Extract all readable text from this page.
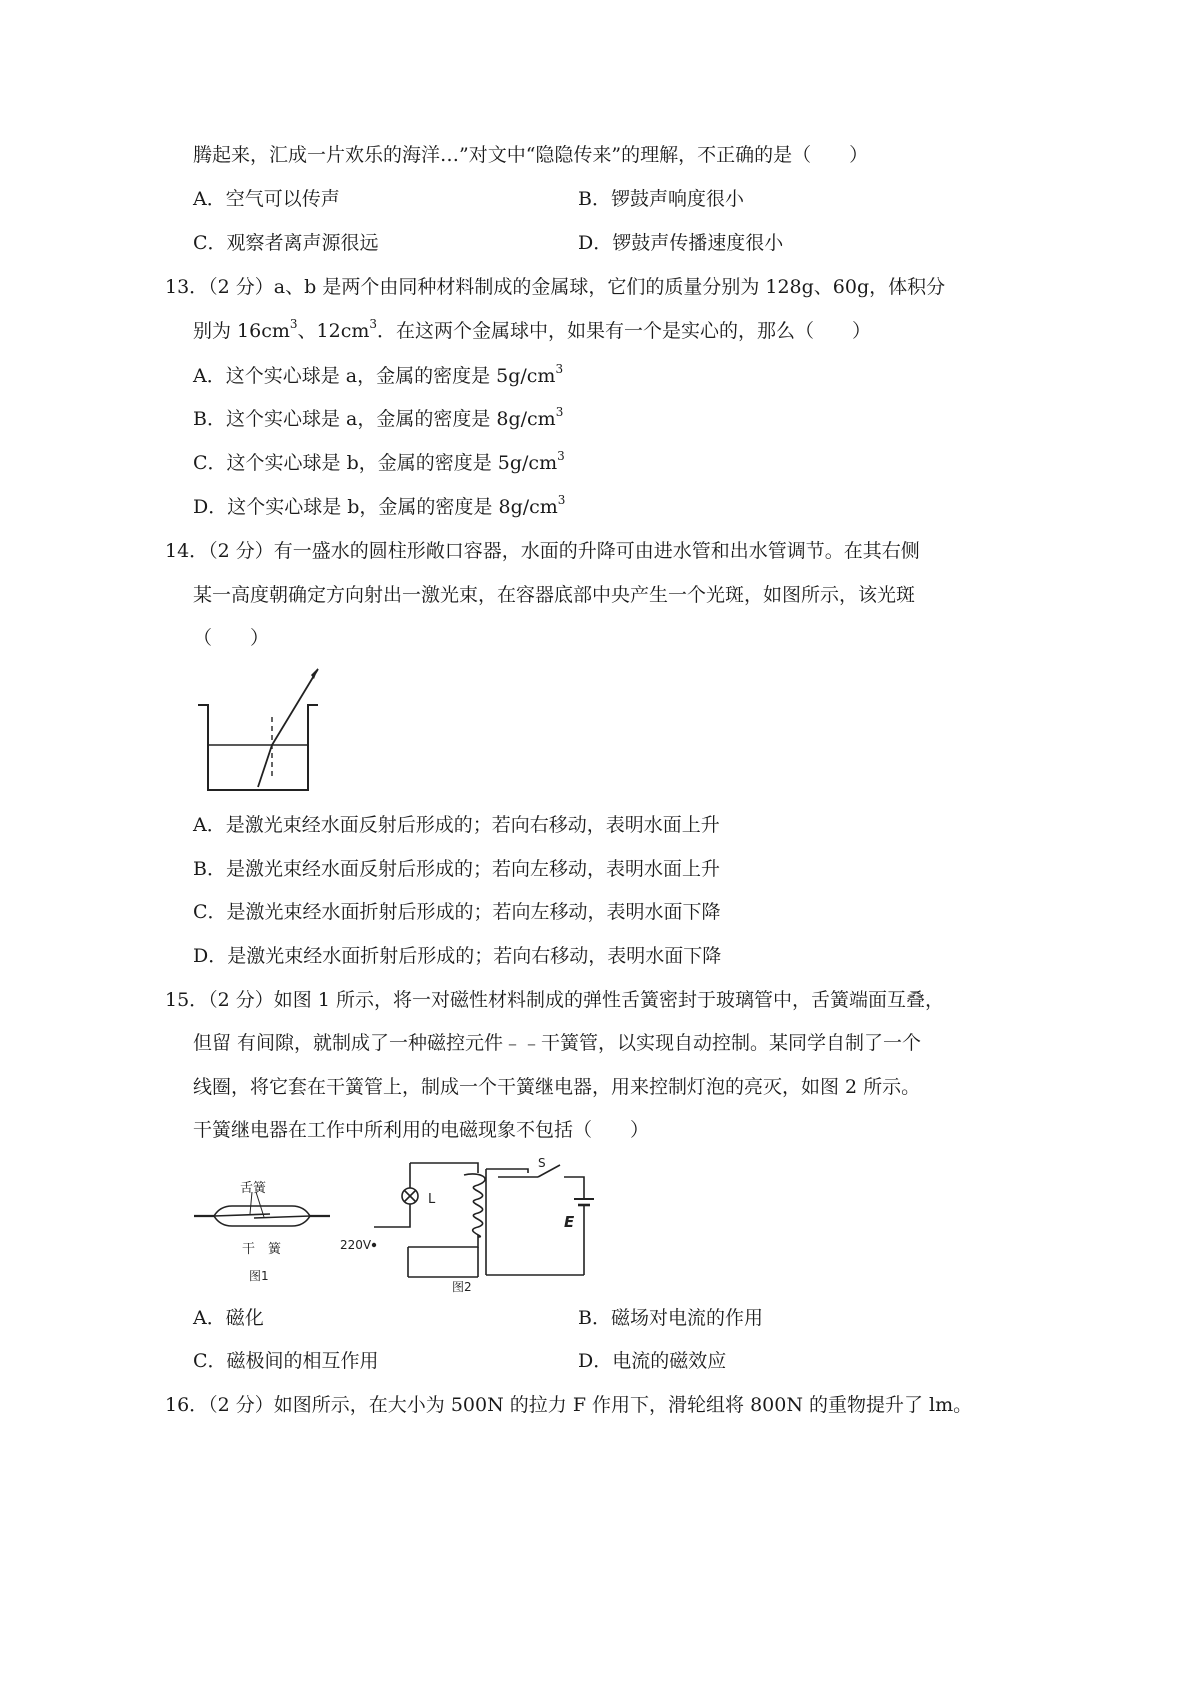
腾起来，汇成一片欢乐的海洋…”对文中“隐隐传来”的理解，不正确的是（　　）
A．空气可以传声	B．锣鼓声响度很小
C．观察者离声源很远	D．锣鼓声传播速度很小
13．（2 分）a、b 是两个由同种材料制成的金属球，它们的质量分别为 128g、60g，体积分
别为 $16cm^3$、$12cm^3$．在这两个金属球中，如果有一个是实心的，那么（　　）
A．这个实心球是 a，金属的密度是 $5g/cm^3$
B．这个实心球是 a，金属的密度是 $8g/cm^3$
C．这个实心球是 b，金属的密度是 $5g/cm^3$
D．这个实心球是 b，金属的密度是 $8g/cm^3$
14．（2 分）有一盛水的圆柱形敞口容器，水面的升降可由进水管和出水管调节。在其右侧
某一高度朝确定方向射出一激光束，在容器底部中央产生一个光斑，如图所示，该光斑
（　　）
A．是激光束经水面反射后形成的；若向右移动，表明水面上升
B．是激光束经水面反射后形成的；若向左移动，表明水面上升
C．是激光束经水面折射后形成的；若向左移动，表明水面下降
D．是激光束经水面折射后形成的；若向右移动，表明水面下降
15．（2 分）如图 1 所示，将一对磁性材料制成的弹性舌簧密封于玻璃管中，舌簧端面互叠，
但留 有间隙，就制成了一种磁控元件﹣﹣干簧管，以实现自动控制。某同学自制了一个
线圈，将它套在干簧管上，制成一个干簧继电器，用来控制灯泡的亮灭，如图 2 所示。
干簧继电器在工作中所利用的电磁现象不包括（　　）
舌簧
干　簧
图1
L
S
E
220V
图2
A．磁化	B．磁场对电流的作用
C．磁极间的相互作用	D．电流的磁效应
16．（2 分）如图所示，在大小为 500N 的拉力 F 作用下，滑轮组将 800N 的重物提升了 lm。
